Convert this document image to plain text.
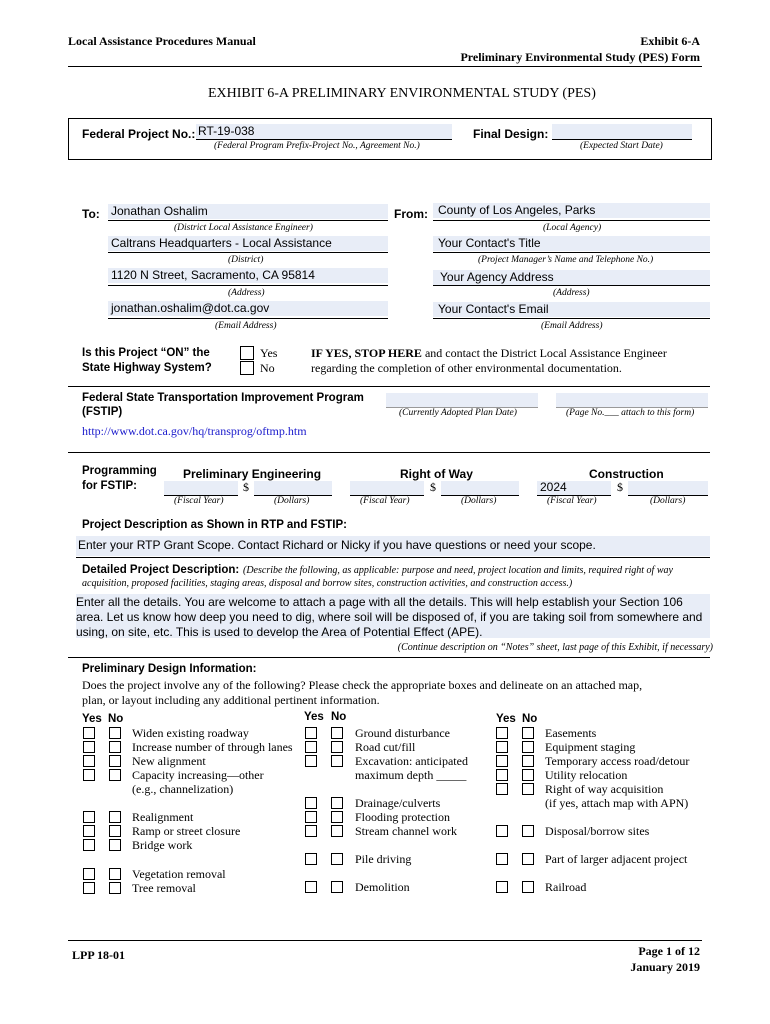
Local Assistance Procedures Manual	Exhibit 6-A
Preliminary Environmental Study (PES) Form
EXHIBIT 6-A PRELIMINARY ENVIRONMENTAL STUDY (PES)
Federal Project No.: RT-19-038
(Federal Program Prefix-Project No., Agreement No.)
Final Design:
(Expected Start Date)
To: Jonathan Oshalim
(District Local Assistance Engineer)
Caltrans Headquarters - Local Assistance
(District)
1120 N Street, Sacramento, CA 95814
(Address)
jonathan.oshalim@dot.ca.gov
(Email Address)
From: County of Los Angeles, Parks
(Local Agency)
Your Contact's Title
(Project Manager’s Name and Telephone No.)
Your Agency Address
(Address)
Your Contact's Email
(Email Address)
Is this Project “ON” the
State Highway System?
Yes
No
IF YES, STOP HERE and contact the District Local Assistance Engineer
regarding the completion of other environmental documentation.
Federal State Transportation Improvement Program
(FSTIP)	(Currently Adopted Plan Date)	(Page No.___ attach to this form)
http://www.dot.ca.gov/hq/transprog/oftmp.htm
Programming
for FSTIP:
Preliminary Engineering	Right of Way	Construction
$
(Fiscal Year)	(Dollars)
$
(Fiscal Year)	(Dollars)
2024	$
(Fiscal Year)	(Dollars)
Project Description as Shown in RTP and FSTIP:
Enter your RTP Grant Scope. Contact Richard or Nicky if you have questions or need your scope.
Detailed Project Description: (Describe the following, as applicable: purpose and need, project location and limits, required right of way
acquisition, proposed facilities, staging areas, disposal and borrow sites, construction activities, and construction access.)
Enter all the details. You are welcome to attach a page with all the details. This will help establish your Section 106 area. Let us know how deep you need to dig, where soil will be disposed of, if you are taking soil from somewhere and using, on site, etc. This is used to develop the Area of Potential Effect (APE).
(Continue description on “Notes” sheet, last page of this Exhibit, if necessary)
Preliminary Design Information:
Does the project involve any of the following? Please check the appropriate boxes and delineate on an attached map,
plan, or layout including any additional pertinent information.
Yes No	Yes No	Yes No
Widen existing roadway
Increase number of through lanes
New alignment
Capacity increasing—other
(e.g., channelization)
Realignment
Ramp or street closure
Bridge work
Vegetation removal
Tree removal
Ground disturbance
Road cut/fill
Excavation: anticipated
maximum depth _____
Drainage/culverts
Flooding protection
Stream channel work
Pile driving
Demolition
Easements
Equipment staging
Temporary access road/detour
Utility relocation
Right of way acquisition
(if yes, attach map with APN)
Disposal/borrow sites
Part of larger adjacent project
Railroad
LPP 18-01	Page 1 of 12
January 2019
